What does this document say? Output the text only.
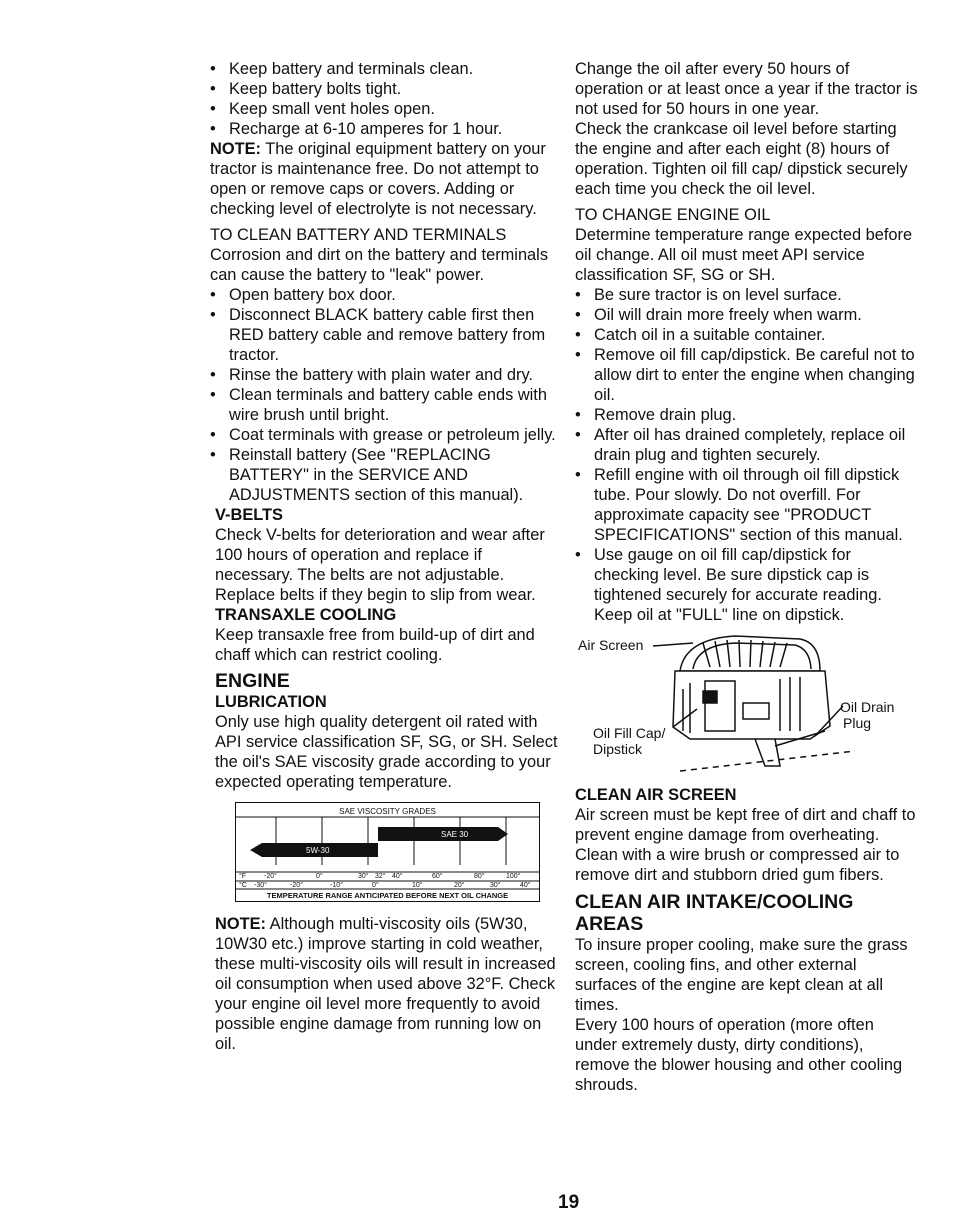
• Keep battery and terminals clean.

• Keep battery bolts tight.

• Keep small vent holes open.

• Recharge at 6-10 amperes for 1 hour.

NOTE: The original equipment battery on your tractor is maintenance free. Do not attempt to open or remove caps or covers. Adding or checking level of electrolyte is not necessary.

TO CLEAN BATTERY AND TERMINALS

Corrosion and dirt on the battery and terminals can cause the battery to "leak" power.

• Open battery box door.

• Disconnect BLACK battery cable first then RED battery cable and remove battery from tractor.

• Rinse the battery with plain water and dry.

• Clean terminals and battery cable ends with wire brush until bright.

• Coat terminals with grease or petroleum jelly.

• Reinstall battery (See "REPLACING BATTERY" in the SERVICE AND ADJUSTMENTS section of this manual).

V-BELTS

Check V-belts for deterioration and wear after 100 hours of operation and replace if necessary. The belts are not adjustable. Replace belts if they begin to slip from wear.

TRANSAXLE COOLING

Keep transaxle free from build-up of dirt and chaff which can restrict cooling.

ENGINE

LUBRICATION

Only use high quality detergent oil rated with API service classification SF, SG, or SH. Select the oil's SAE viscosity grade according to your expected operating temperature.

SAE VISCOSITY GRADES
SAE 30
5W-30
°F	-20°	0°	30° 32° 40°	60°	80°	100°
°C -30°	-20°	-10°	0°	10°	20°	30°	40°
TEMPERATURE RANGE ANTICIPATED BEFORE NEXT OIL CHANGE

NOTE: Although multi-viscosity oils (5W30, 10W30 etc.) improve starting in cold weather, these multi-viscosity oils will result in increased oil consumption when used above 32°F. Check your engine oil level more frequently to avoid possible engine damage from running low on oil.

Change the oil after every 50 hours of operation or at least once a year if the tractor is not used for 50 hours in one year.

Check the crankcase oil level before starting the engine and after each eight (8) hours of operation. Tighten oil fill cap/ dipstick securely each time you check the oil level.

TO CHANGE ENGINE OIL

Determine temperature range expected before oil change. All oil must meet API service classification SF, SG or SH.

• Be sure tractor is on level surface.

• Oil will drain more freely when warm.

• Catch oil in a suitable container.

• Remove oil fill cap/dipstick. Be careful not to allow dirt to enter the engine when changing oil.

• Remove drain plug.

• After oil has drained completely, replace oil drain plug and tighten securely.

• Refill engine with oil through oil fill dipstick tube. Pour slowly. Do not overfill. For approximate capacity see "PRODUCT SPECIFICATIONS" section of this manual.

• Use gauge on oil fill cap/dipstick for checking level. Be sure dipstick cap is tightened securely for accurate reading. Keep oil at "FULL" line on dipstick.

Air Screen
Oil Drain
Plug
Oil Fill Cap/
Dipstick

CLEAN AIR SCREEN

Air screen must be kept free of dirt and chaff to prevent engine damage from overheating. Clean with a wire brush or compressed air to remove dirt and stubborn dried gum fibers.

CLEAN AIR INTAKE/COOLING

AREAS

To insure proper cooling, make sure the grass screen, cooling fins, and other external surfaces of the engine are kept clean at all times.

Every 100 hours of operation (more often under extremely dusty, dirty conditions), remove the blower housing and other cooling shrouds.

19
